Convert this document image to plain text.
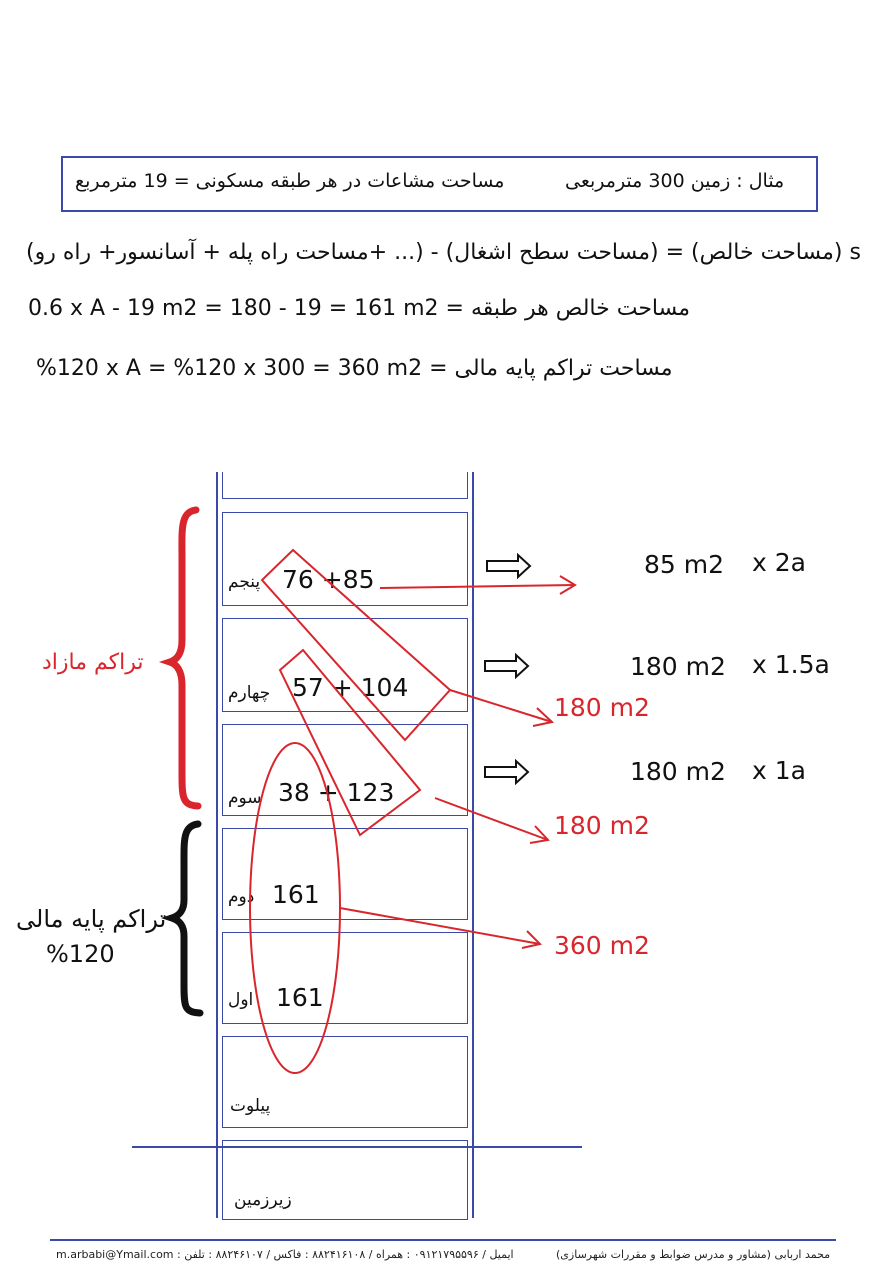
مثال : زمین 300 مترمربعی
مساحت مشاعات در هر طبقه مسکونی = 19 مترمربع
(مساحت راه پله + آسانسور+ راه رو+ ...) - (مساحت سطح اشغال) = (مساحت خالص) s
0.6 x A - 19 m2 = 180 - 19 = 161 m2 = مساحت خالص هر طبقه
%120 x A = %120 x 300 = 360 m2 = مساحت تراکم پایه مالی
پنجم
چهارم
سوم
دوم
اول
پیلوت
زیرزمین
76 +85
57 + 104
38 + 123
161
161
85 m2 x 2a
180 m2 x 1.5a
180 m2 x 1a
180 m2
180 m2
360 m2
تراکم مازاد
تراکم پایه مالی
%120
m.arbabi@Ymail.com : ایمیل / ۰۹۱۲۱۷۹۵۵۹۶ : همراه / ۸۸۲۴۱۶۱۰۸ : فاکس / ۸۸۲۴۶۱۰۷ : تلفن	محمد اربابی (مشاور و مدرس ضوابط و مقررات شهرسازی)
